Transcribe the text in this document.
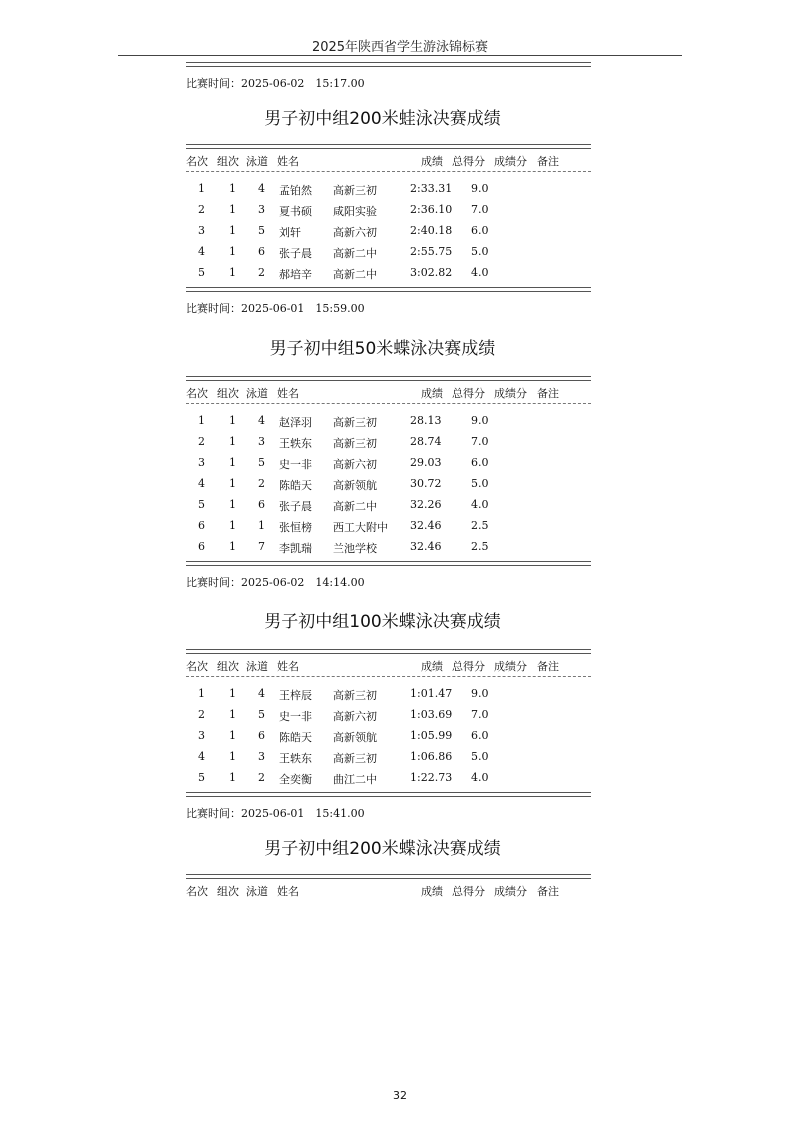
2025年陕西省学生游泳锦标赛

比赛时间：2025-06-02　15:17.00

男子初中组200米蛙泳决赛成绩
名次 组次 泳道 姓名	成绩 总得分 成绩分 备注
1 1 4 孟铂然 高新三初	2:33.31 9.0
2 1 3 夏书硕 咸阳实验	2:36.10 7.0
3 1 5 刘轩	高新六初	2:40.18 6.0
4 1 6 张子晨 高新二中	2:55.75 5.0
5 1 2 郝培辛 高新二中	3:02.82 4.0

比赛时间：2025-06-01　15:59.00

男子初中组50米蝶泳决赛成绩
名次 组次 泳道 姓名	成绩 总得分 成绩分 备注
1 1 4 赵泽羽 高新三初	28.13	9.0
2 1 3 王轶东 高新三初	28.74	7.0
3 1 5 史一非 高新六初	29.03	6.0
4 1 2 陈皓天 高新领航	30.72	5.0
5 1 6 张子晨 高新二中	32.26	4.0
6 1 1 张恒榜 西工大附中 32.46	2.5
6 1 7 李凯瑞 兰池学校	32.46	2.5

比赛时间：2025-06-02　14:14.00

男子初中组100米蝶泳决赛成绩
名次 组次 泳道 姓名	成绩 总得分 成绩分 备注
1 1 4 王梓辰 高新三初	1:01.47 9.0
2 1 5 史一非 高新六初	1:03.69 7.0
3 1 6 陈皓天 高新领航	1:05.99 6.0
4 1 3 王轶东 高新三初	1:06.86 5.0
5 1 2 全奕衡 曲江二中	1:22.73 4.0

比赛时间：2025-06-01　15:41.00

男子初中组200米蝶泳决赛成绩
名次 组次 泳道 姓名	成绩 总得分 成绩分 备注
32
